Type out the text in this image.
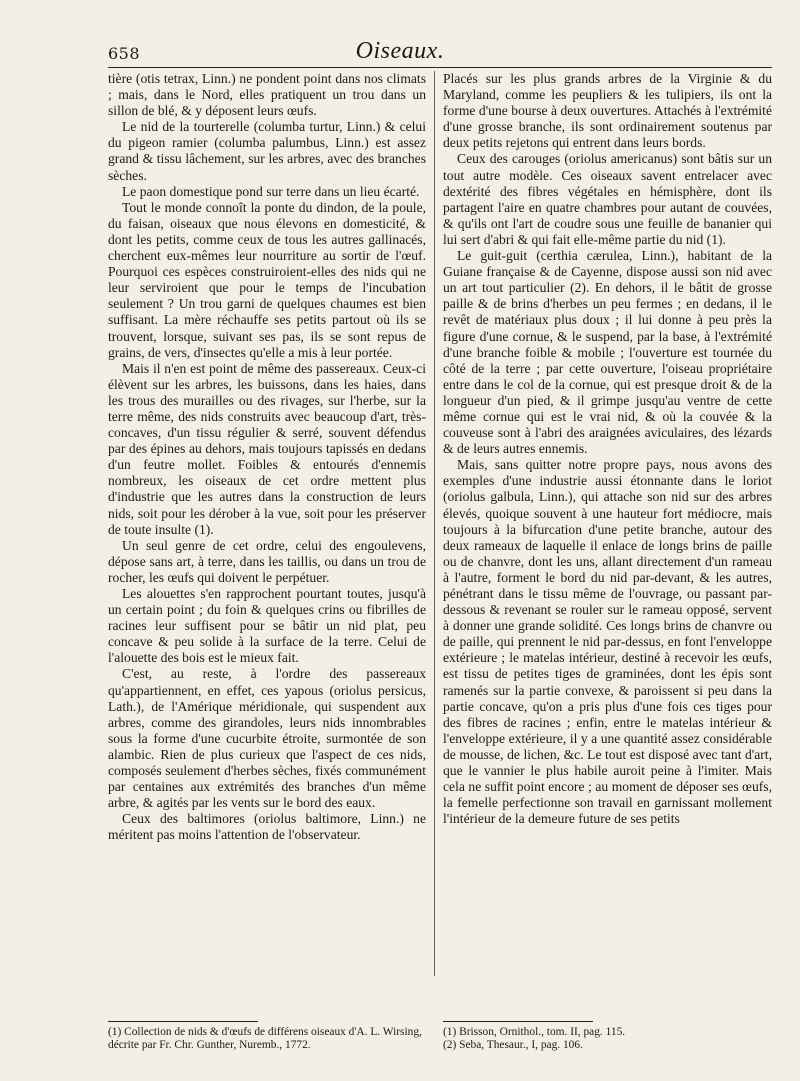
658	Oiseaux.

tière (otis tetrax, Linn.) ne pondent point dans nos climats ; mais, dans le Nord, elles pratiquent un trou dans un sillon de blé, & y déposent leurs œufs.

Le nid de la tourterelle (columba turtur, Linn.) & celui du pigeon ramier (columba palumbus, Linn.) est assez grand & tissu lâchement, sur les arbres, avec des branches sèches.

Le paon domestique pond sur terre dans un lieu écarté.

Tout le monde connoît la ponte du dindon, de la poule, du faisan, oiseaux que nous élevons en domesticité, & dont les petits, comme ceux de tous les autres gallinacés, cherchent eux-mêmes leur nourriture au sortir de l'œuf. Pourquoi ces espèces construiroient-elles des nids qui ne leur serviroient que pour le temps de l'incubation seulement ? Un trou garni de quelques chaumes est bien suffisant. La mère réchauffe ses petits partout où ils se trouvent, lorsque, suivant ses pas, ils se sont repus de grains, de vers, d'insectes qu'elle a mis à leur portée.

Mais il n'en est point de même des passereaux. Ceux-ci élèvent sur les arbres, les buissons, dans les haies, dans les trous des murailles ou des rivages, sur l'herbe, sur la terre même, des nids construits avec beaucoup d'art, très-concaves, d'un tissu régulier & serré, souvent défendus par des épines au dehors, mais toujours tapissés en dedans d'un feutre mollet. Foibles & entourés d'ennemis nombreux, les oiseaux de cet ordre mettent plus d'industrie que les autres dans la construction de leurs nids, soit pour les dérober à la vue, soit pour les préserver de toute insulte (1).

Un seul genre de cet ordre, celui des engoulevens, dépose sans art, à terre, dans les taillis, ou dans un trou de rocher, les œufs qui doivent le perpétuer.

Les alouettes s'en rapprochent pourtant toutes, jusqu'à un certain point ; du foin & quelques crins ou fibrilles de racines leur suffisent pour se bâtir un nid plat, peu concave & peu solide à la surface de la terre. Celui de l'alouette des bois est le mieux fait.

C'est, au reste, à l'ordre des passereaux qu'appartiennent, en effet, ces yapous (oriolus persicus, Lath.), de l'Amérique méridionale, qui suspendent aux arbres, comme des girandoles, leurs nids innombrables sous la forme d'une cucurbite étroite, surmontée de son alambic. Rien de plus curieux que l'aspect de ces nids, composés seulement d'herbes sèches, fixés communément par centaines aux extrémités des branches d'un même arbre, & agités par les vents sur le bord des eaux.

Ceux des baltimores (oriolus baltimore, Linn.) ne méritent pas moins l'attention de l'observateur.

Placés sur les plus grands arbres de la Virginie & du Maryland, comme les peupliers & les tulipiers, ils ont la forme d'une bourse à deux ouvertures. Attachés à l'extrémité d'une grosse branche, ils sont ordinairement soutenus par deux petits rejetons qui entrent dans leurs bords.

Ceux des carouges (oriolus americanus) sont bâtis sur un tout autre modèle. Ces oiseaux savent entrelacer avec dextérité des fibres végétales en hémisphère, dont ils partagent l'aire en quatre chambres pour autant de couvées, & qu'ils ont l'art de coudre sous une feuille de bananier qui lui sert d'abri & qui fait elle-même partie du nid (1).

Le guit-guit (certhia cærulea, Linn.), habitant de la Guiane française & de Cayenne, dispose aussi son nid avec un art tout particulier (2). En dehors, il le bâtit de grosse paille & de brins d'herbes un peu fermes ; en dedans, il le revêt de matériaux plus doux ; il lui donne à peu près la figure d'une cornue, & le suspend, par la base, à l'extrémité d'une branche foible & mobile ; l'ouverture est tournée du côté de la terre ; par cette ouverture, l'oiseau propriétaire entre dans le col de la cornue, qui est presque droit & de la longueur d'un pied, & il grimpe jusqu'au ventre de cette même cornue qui est le vrai nid, & où la couvée & la couveuse sont à l'abri des araignées aviculaires, des lézards & de leurs autres ennemis.

Mais, sans quitter notre propre pays, nous avons des exemples d'une industrie aussi étonnante dans le loriot (oriolus galbula, Linn.), qui attache son nid sur des arbres élevés, quoique souvent à une hauteur fort médiocre, mais toujours à la bifurcation d'une petite branche, autour des deux rameaux de laquelle il enlace de longs brins de paille ou de chanvre, dont les uns, allant directement d'un rameau à l'autre, forment le bord du nid par-devant, & les autres, pénétrant dans le tissu même de l'ouvrage, ou passant par-dessous & revenant se rouler sur le rameau opposé, servent à donner une grande solidité. Ces longs brins de chanvre ou de paille, qui prennent le nid par-dessus, en font l'enveloppe extérieure ; le matelas intérieur, destiné à recevoir les œufs, est tissu de petites tiges de graminées, dont les épis sont ramenés sur la partie convexe, & paroissent si peu dans la partie concave, qu'on a pris plus d'une fois ces tiges pour des fibres de racines ; enfin, entre le matelas intérieur & l'enveloppe extérieure, il y a une quantité assez considérable de mousse, de lichen, &c. Le tout est disposé avec tant d'art, que le vannier le plus habile auroit peine à l'imiter. Mais cela ne suffit point encore ; au moment de déposer ses œufs, la femelle perfectionne son travail en garnissant mollement l'intérieur de la demeure future de ses petits

(1) Collection de nids & d'œufs de différens oiseaux d'A. L. Wirsing, décrite par Fr. Chr. Gunther, Nuremb., 1772.

(1) Brisson, Ornithol., tom. II, pag. 115.

(2) Seba, Thesaur., I, pag. 106.
